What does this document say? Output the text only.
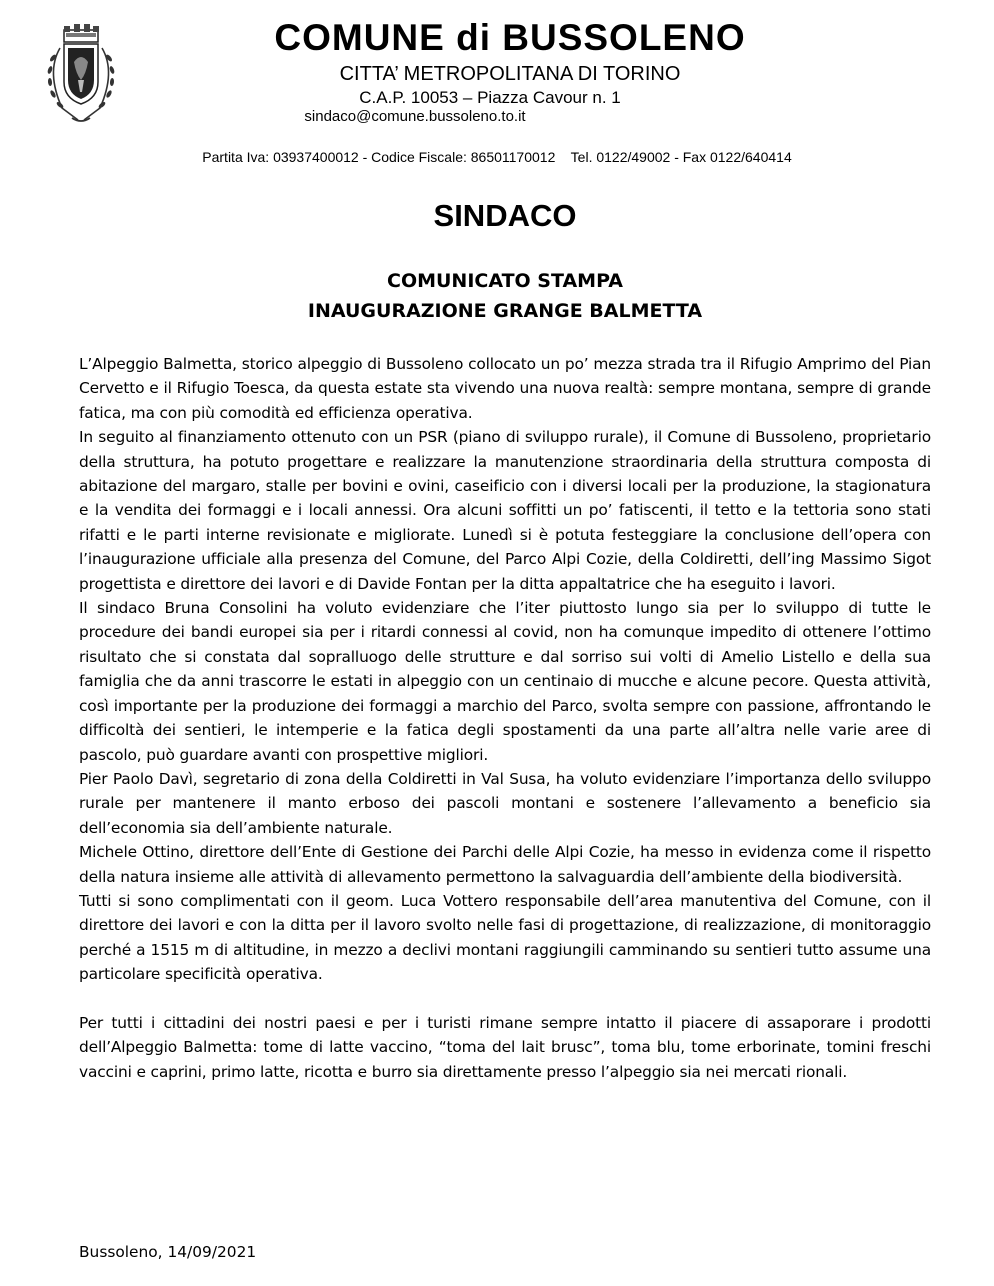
COMUNE di BUSSOLENO
CITTA’ METROPOLITANA DI TORINO
C.A.P. 10053 – Piazza Cavour n. 1
sindaco@comune.bussoleno.to.it
Partita Iva: 03937400012 - Codice Fiscale: 86501170012    Tel. 0122/49002 - Fax 0122/640414
SINDACO
COMUNICATO STAMPA
INAUGURAZIONE GRANGE BALMETTA

L’Alpeggio Balmetta, storico alpeggio di Bussoleno collocato un po’ mezza strada tra il Rifugio Amprimo del Pian Cervetto e il Rifugio Toesca, da questa estate sta vivendo una nuova realtà: sempre montana, sempre di grande fatica, ma con più comodità ed efficienza operativa.

In seguito al finanziamento ottenuto con un PSR (piano di sviluppo rurale), il Comune di Bussoleno, proprietario della struttura, ha potuto progettare e realizzare la manutenzione straordinaria della struttura composta di abitazione del margaro, stalle per bovini e ovini, caseificio con i diversi locali per la produzione, la stagionatura e la vendita dei formaggi e i locali annessi. Ora alcuni soffitti un po’ fatiscenti, il tetto e la tettoria sono stati rifatti e le parti interne revisionate e migliorate. Lunedì si è potuta festeggiare la conclusione dell’opera con l’inaugurazione ufficiale alla presenza del Comune, del Parco Alpi Cozie, della Coldiretti, dell’ing Massimo Sigot progettista e direttore dei lavori e di Davide Fontan per la ditta appaltatrice che ha eseguito i lavori.

Il sindaco Bruna Consolini ha voluto evidenziare che l’iter piuttosto lungo sia per lo sviluppo di tutte le procedure dei bandi europei sia per i ritardi connessi al covid, non ha comunque impedito di ottenere l’ottimo risultato che si constata dal sopralluogo delle strutture e dal sorriso sui volti di Amelio Listello e della sua famiglia che da anni trascorre le estati in alpeggio con un centinaio di mucche e alcune pecore. Questa attività, così importante per la produzione dei formaggi a marchio del Parco, svolta sempre con passione, affrontando le difficoltà dei sentieri, le intemperie e la fatica degli spostamenti da una parte all’altra nelle varie aree di pascolo, può guardare avanti con prospettive migliori.

Pier Paolo Davì, segretario di zona della Coldiretti in Val Susa, ha voluto evidenziare l’importanza dello sviluppo rurale per mantenere il manto erboso dei pascoli montani e sostenere l’allevamento a beneficio sia dell’economia sia dell’ambiente naturale.

Michele Ottino, direttore dell’Ente di Gestione dei Parchi delle Alpi Cozie, ha messo in evidenza come il rispetto della natura insieme alle attività di allevamento permettono la salvaguardia dell’ambiente della biodiversità.

Tutti si sono complimentati con il geom. Luca Vottero responsabile dell’area manutentiva del Comune, con il direttore dei lavori e con la ditta per il lavoro svolto nelle fasi di progettazione, di realizzazione, di monitoraggio perché a 1515 m di altitudine, in mezzo a declivi montani raggiungili camminando su sentieri tutto assume una particolare specificità operativa.

Per tutti i cittadini dei nostri paesi e per i turisti rimane sempre intatto il piacere di assaporare i prodotti dell’Alpeggio Balmetta: tome di latte vaccino, “toma del lait brusc”, toma blu, tome erborinate, tomini freschi vaccini e caprini, primo latte, ricotta e burro sia direttamente presso l’alpeggio sia nei mercati rionali.

Bussoleno, 14/09/2021
